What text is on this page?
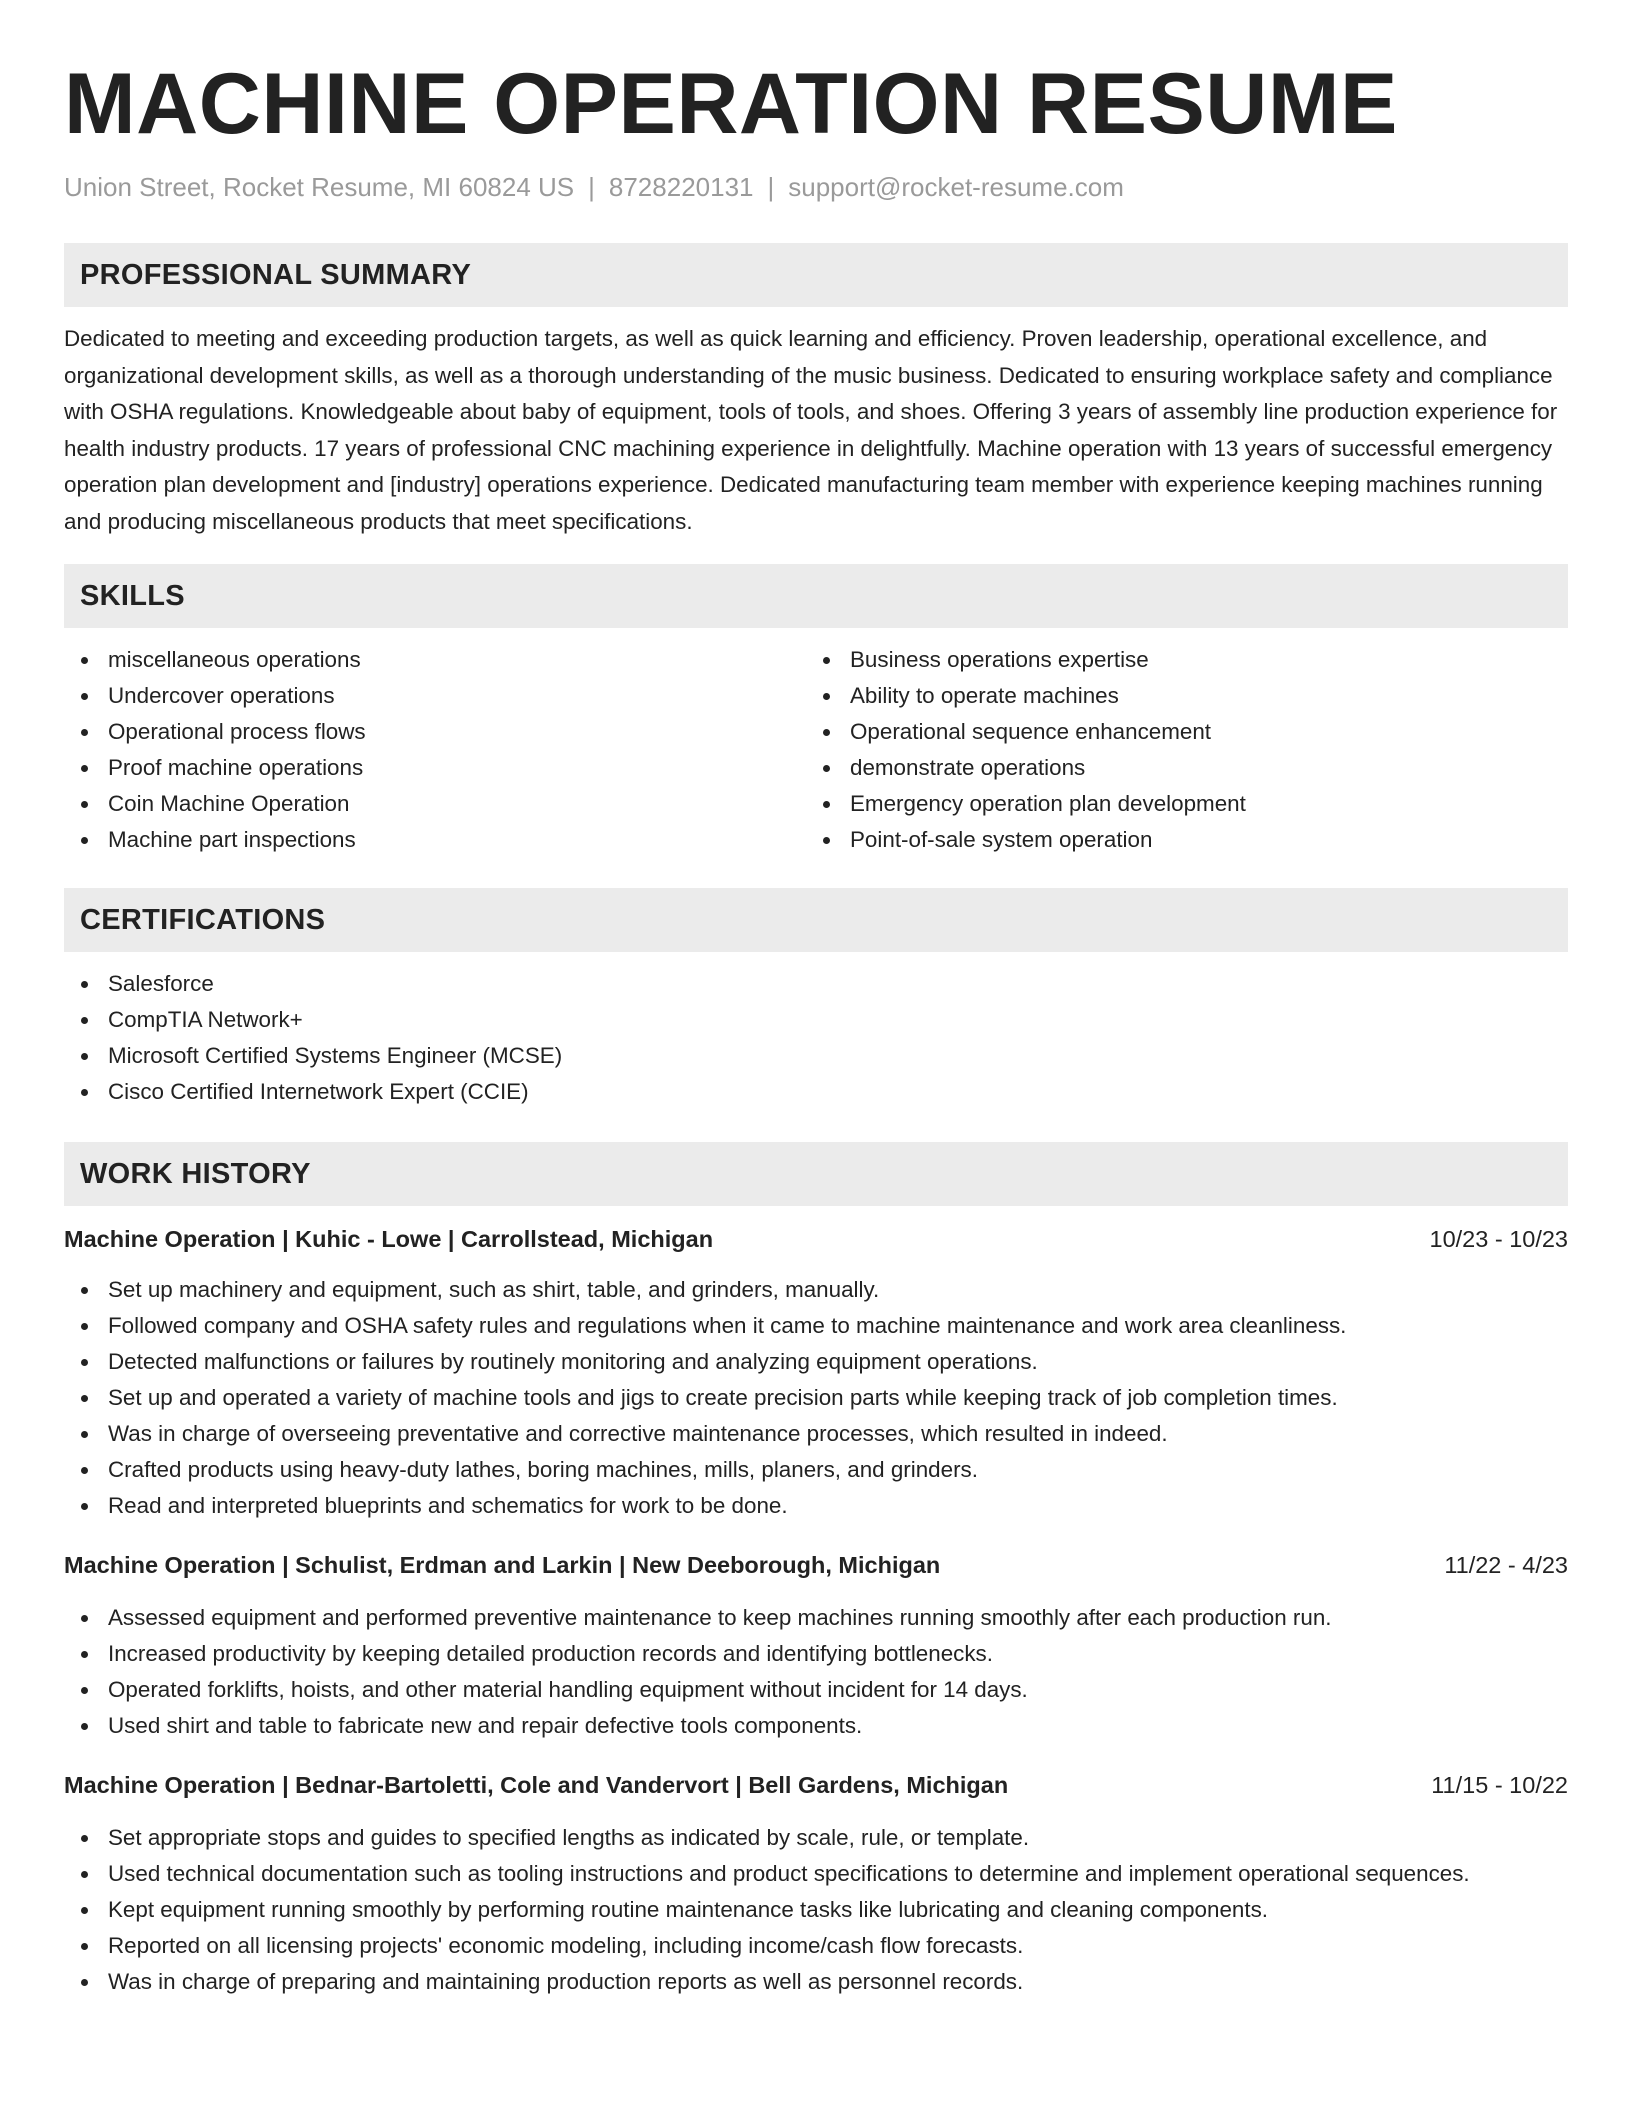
MACHINE OPERATION RESUME
Union Street, Rocket Resume, MI 60824 US | 8728220131 | support@rocket-resume.com
PROFESSIONAL SUMMARY

Dedicated to meeting and exceeding production targets, as well as quick learning and efficiency. Proven leadership, operational excellence, and organizational development skills, as well as a thorough understanding of the music business. Dedicated to ensuring workplace safety and compliance with OSHA regulations. Knowledgeable about baby of equipment, tools of tools, and shoes. Offering 3 years of assembly line production experience for health industry products. 17 years of professional CNC machining experience in delightfully. Machine operation with 13 years of successful emergency operation plan development and [industry] operations experience. Dedicated manufacturing team member with experience keeping machines running and producing miscellaneous products that meet specifications.

SKILLS
miscellaneous operations
Undercover operations
Operational process flows
Proof machine operations
Coin Machine Operation
Machine part inspections
Business operations expertise
Ability to operate machines
Operational sequence enhancement
demonstrate operations
Emergency operation plan development
Point-of-sale system operation
CERTIFICATIONS
Salesforce
CompTIA Network+
Microsoft Certified Systems Engineer (MCSE)
Cisco Certified Internetwork Expert (CCIE)
WORK HISTORY
Machine Operation | Kuhic - Lowe | Carrollstead, Michigan	10/23 - 10/23
Set up machinery and equipment, such as shirt, table, and grinders, manually.
Followed company and OSHA safety rules and regulations when it came to machine maintenance and work area cleanliness.
Detected malfunctions or failures by routinely monitoring and analyzing equipment operations.
Set up and operated a variety of machine tools and jigs to create precision parts while keeping track of job completion times.
Was in charge of overseeing preventative and corrective maintenance processes, which resulted in indeed.
Crafted products using heavy-duty lathes, boring machines, mills, planers, and grinders.
Read and interpreted blueprints and schematics for work to be done.
Machine Operation | Schulist, Erdman and Larkin | New Deeborough, Michigan	11/22 - 4/23
Assessed equipment and performed preventive maintenance to keep machines running smoothly after each production run.
Increased productivity by keeping detailed production records and identifying bottlenecks.
Operated forklifts, hoists, and other material handling equipment without incident for 14 days.
Used shirt and table to fabricate new and repair defective tools components.
Machine Operation | Bednar-Bartoletti, Cole and Vandervort | Bell Gardens, Michigan	11/15 - 10/22
Set appropriate stops and guides to specified lengths as indicated by scale, rule, or template.
Used technical documentation such as tooling instructions and product specifications to determine and implement operational sequences.
Kept equipment running smoothly by performing routine maintenance tasks like lubricating and cleaning components.
Reported on all licensing projects' economic modeling, including income/cash flow forecasts.
Was in charge of preparing and maintaining production reports as well as personnel records.
